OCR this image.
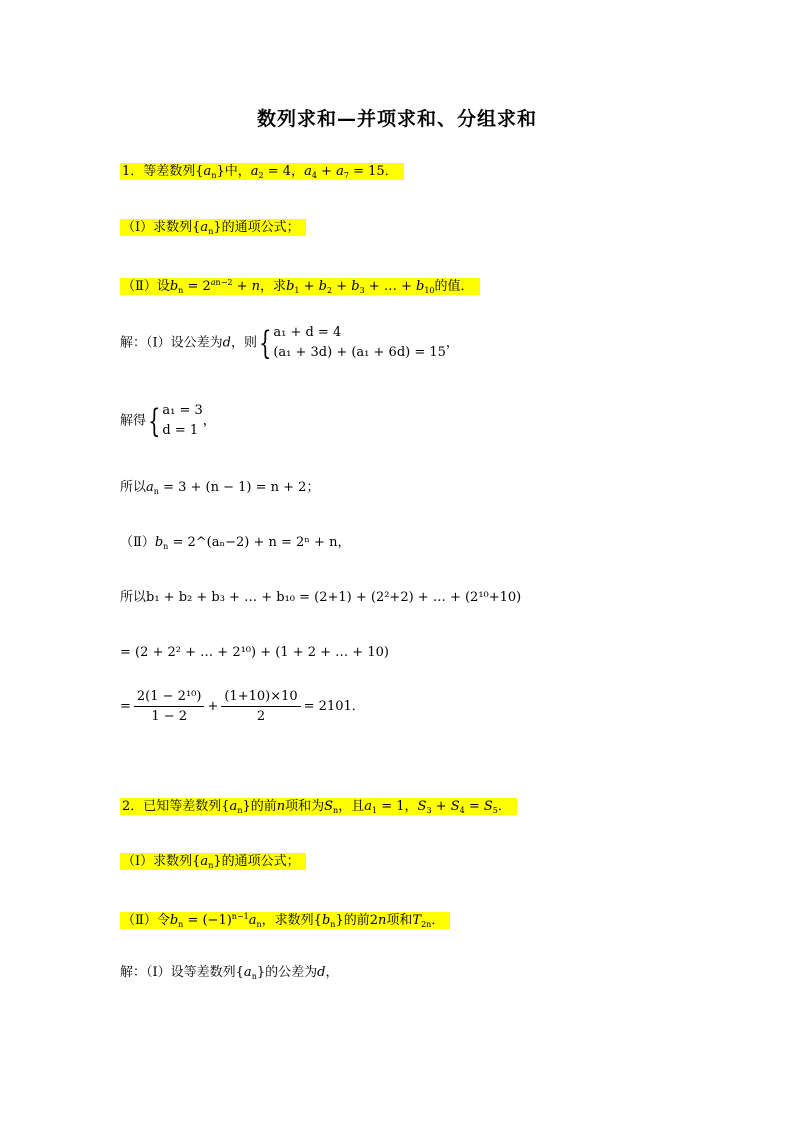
数列求和—并项求和、分组求和
1．等差数列$\{a_n\}$中，$a_2 = 4$，$a_4 + a_7 = 15$．
（Ⅰ）求数列$\{a_n\}$的通项公式；
（Ⅱ）设$b_n = 2^{an-2} + n$，求$b_1 + b_2 + b_3$ + … + $b_{10}$的值．
解：（Ⅰ）设公差为d，则{ a₁ + d = 4
(a₁ + 3d) + (a₁ + 6d) = 15，
解得{ a₁ = 3
d = 1，
所以$a_n = 3 + (n - 1) = n + 2$；
$(Ⅱ)b_n$ = 2^(aₙ−2) + n = 2ⁿ + n，
所以b₁ + b₂ + b₃ + … + b₁₀ = (2+1) + (2²+2) + … + (2¹⁰+10)
= (2 + 2² + … + 2¹⁰) + (1 + 2 + … + 10)
= $\frac{\text{2(1 − 2¹⁰)}}{1 - 2} + \frac{(1+10)\times 10}{2} = 2101$．
2．已知等差数列$\{a_n\}$的前n项和为$S_n$，且$a_1 = 1$，$S_3 + S_4 = S_5$．
（Ⅰ）求数列$\{a_n\}$的通项公式；
（Ⅱ）令$b_n = (-1)^{n-1}a_n$，求数列$\{b_n\}$的前2n项和$T_{2n}$．
解：（Ⅰ）设等差数列$\{a_n\}$的公差为d，
